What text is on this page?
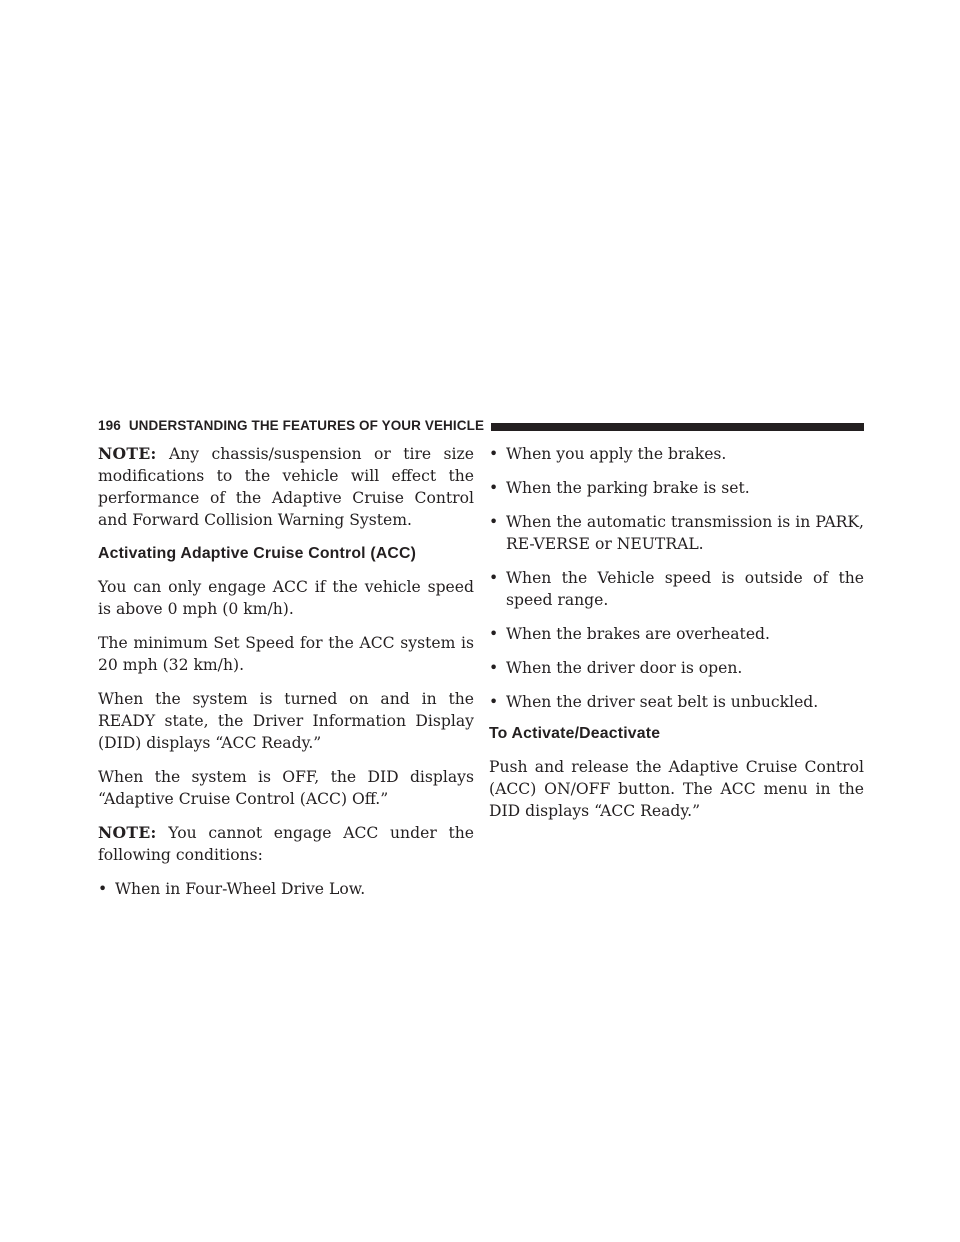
196 UNDERSTANDING THE FEATURES OF YOUR VEHICLE

NOTE: Any chassis/suspension or tire size modifications to the vehicle will effect the performance of the Adaptive Cruise Control and Forward Collision Warning System.

Activating Adaptive Cruise Control (ACC)

You can only engage ACC if the vehicle speed is above 0 mph (0 km/h).

The minimum Set Speed for the ACC system is 20 mph (32 km/h).

When the system is turned on and in the READY state, the Driver Information Display (DID) displays “ACC Ready.”

When the system is OFF, the DID displays “Adaptive Cruise Control (ACC) Off.”

NOTE: You cannot engage ACC under the following conditions:

• When in Four-Wheel Drive Low.
• When you apply the brakes.
• When the parking brake is set.
• When the automatic transmission is in PARK, RE-VERSE or NEUTRAL.
• When the Vehicle speed is outside of the speed range.
• When the brakes are overheated.
• When the driver door is open.
• When the driver seat belt is unbuckled.
To Activate/Deactivate

Push and release the Adaptive Cruise Control (ACC) ON/OFF button. The ACC menu in the DID displays “ACC Ready.”
